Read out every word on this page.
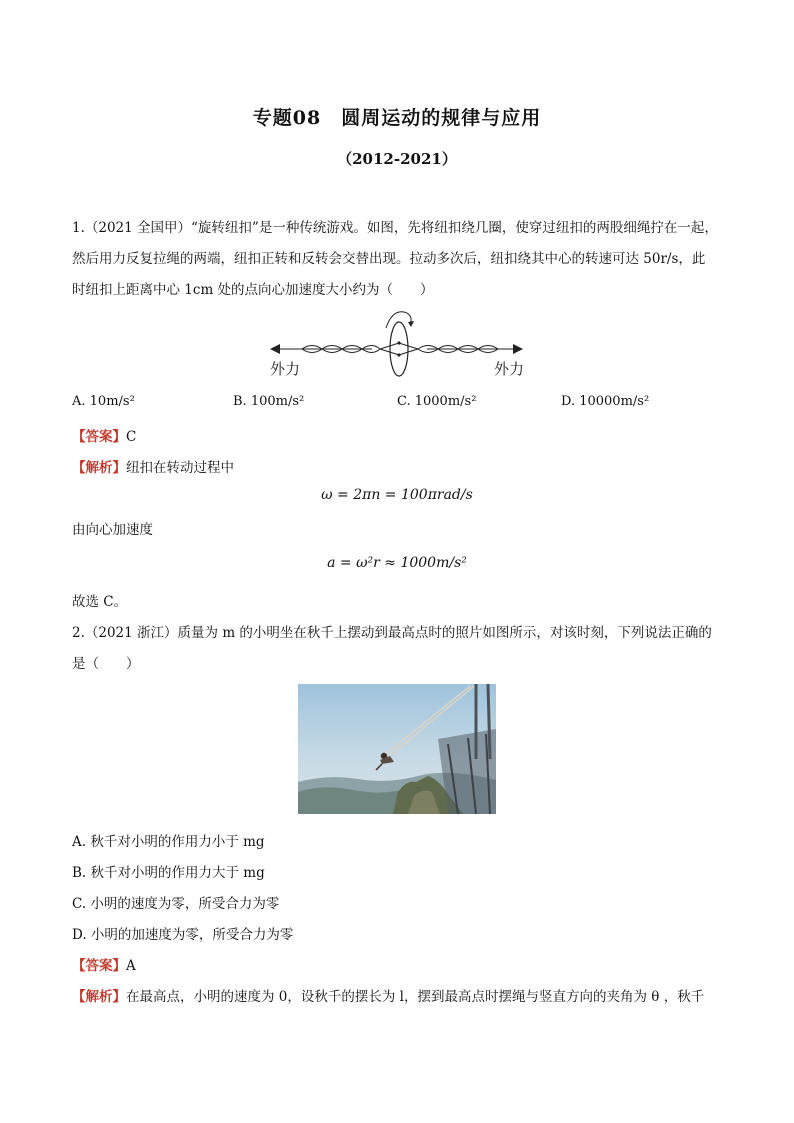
专题08　圆周运动的规律与应用
（2012-2021）
1.（2021 全国甲）“旋转纽扣”是一种传统游戏。如图，先将纽扣绕几圈，使穿过纽扣的两股细绳拧在一起，
然后用力反复拉绳的两端，纽扣正转和反转会交替出现。拉动多次后，纽扣绕其中心的转速可达 50r/s，此
时纽扣上距离中心 1cm 处的点向心加速度大小约为（　　）
外力	外力
A. 10m/s²	B. 100m/s²	C. 1000m/s²	D. 10000m/s²
【答案】C
【解析】纽扣在转动过程中
ω = 2πn = 100πrad/s
由向心加速度
a = ω²r ≈ 1000m/s²
故选 C。
2.（2021 浙江）质量为 m 的小明坐在秋千上摆动到最高点时的照片如图所示，对该时刻，下列说法正确的
是（　　）
A. 秋千对小明的作用力小于 mg
B. 秋千对小明的作用力大于 mg
C. 小明的速度为零，所受合力为零
D. 小明的加速度为零，所受合力为零
【答案】A
【解析】在最高点，小明的速度为 0，设秋千的摆长为 l，摆到最高点时摆绳与竖直方向的夹角为 θ ，秋千
